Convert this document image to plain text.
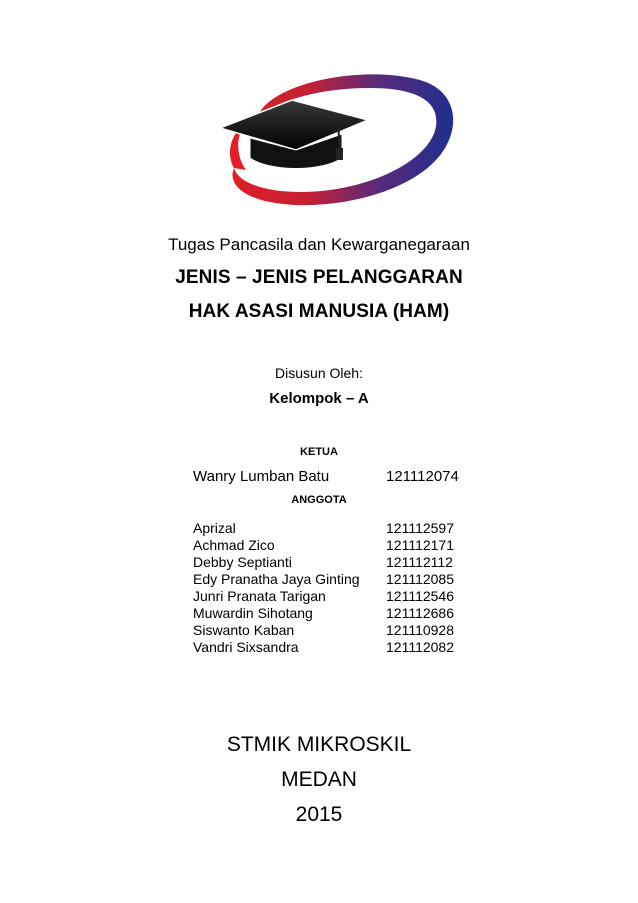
Tugas Pancasila dan Kewarganegaraan
JENIS – JENIS PELANGGARAN
HAK ASASI MANUSIA (HAM)
Disusun Oleh:
Kelompok – A
KETUA
Wanry Lumban Batu	121112074
ANGGOTA
Aprizal	121112597
Achmad Zico	121112171
Debby Septianti	121112112
Edy Pranatha Jaya Ginting 121112085
Junri Pranata Tarigan	121112546
Muwardin Sihotang	121112686
Siswanto Kaban	121110928
Vandri Sixsandra	121112082
STMIK MIKROSKIL
MEDAN
2015
